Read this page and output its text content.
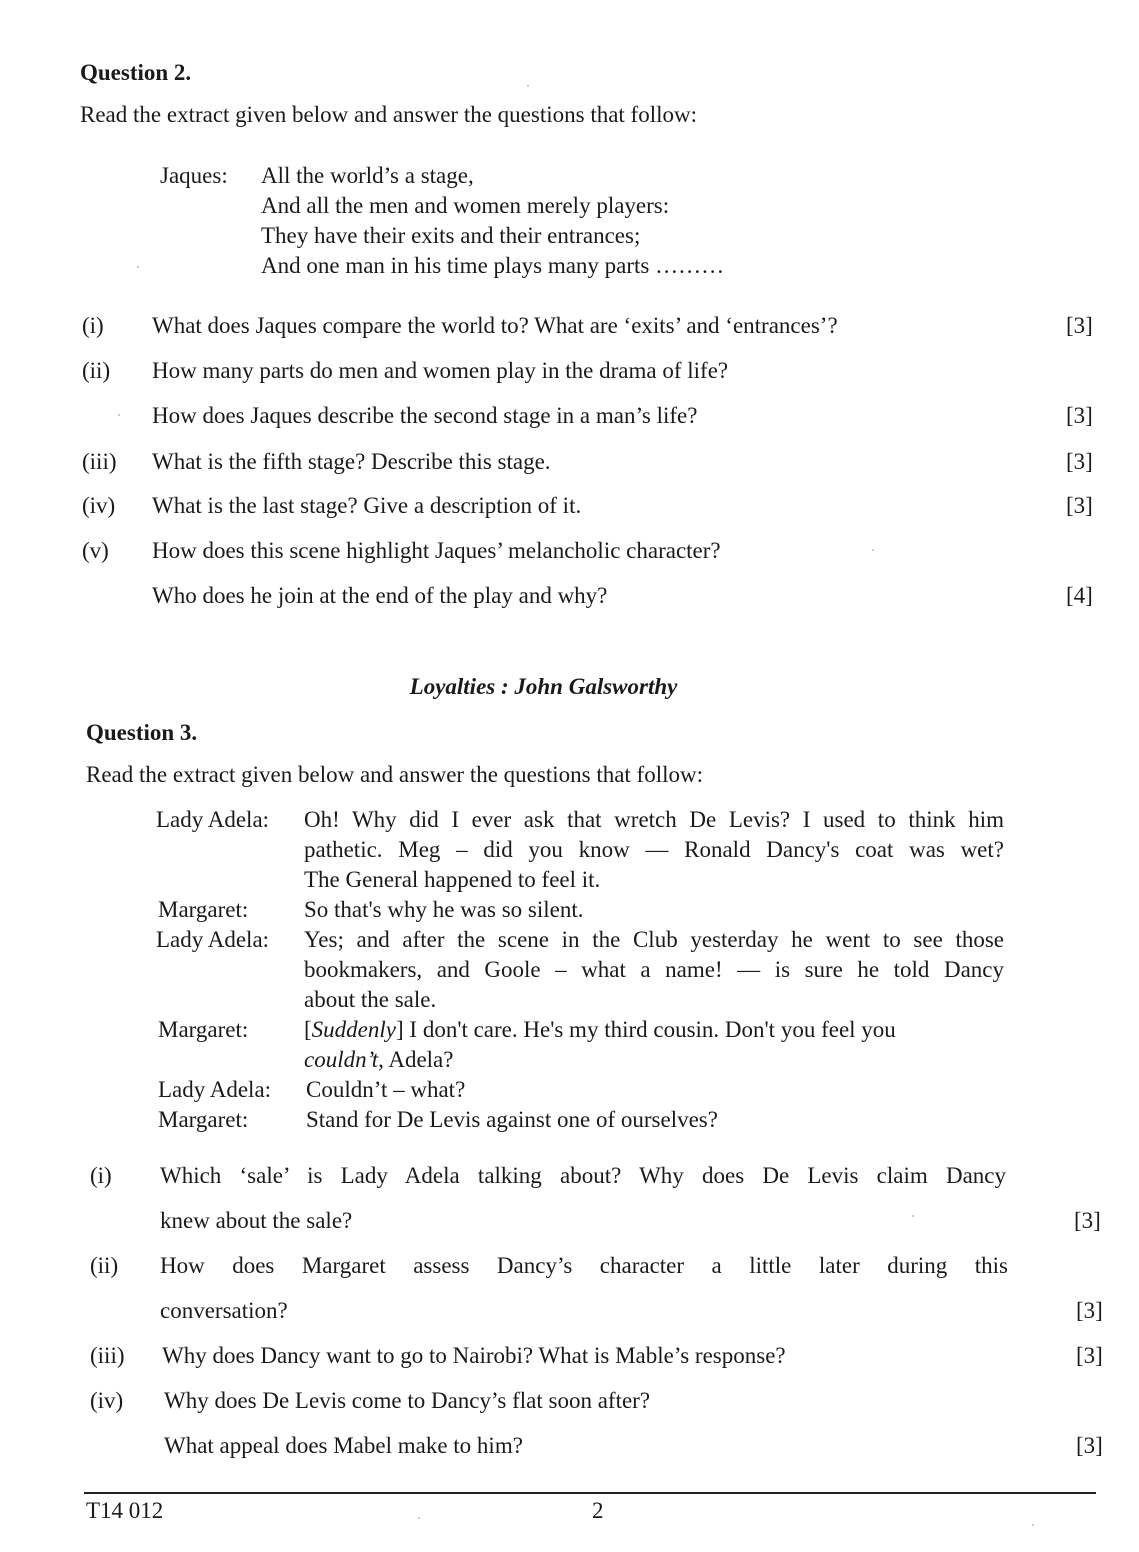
Question 2.
Read the extract given below and answer the questions that follow:
Jaques: All the world’s a stage,
And all the men and women merely players:
They have their exits and their entrances;
And one man in his time plays many parts ………
(i) What does Jaques compare the world to? What are ‘exits’ and ‘entrances’?	[3]
(ii) How many parts do men and women play in the drama of life?
How does Jaques describe the second stage in a man’s life?	[3]
(iii) What is the fifth stage? Describe this stage.	[3]
(iv) What is the last stage? Give a description of it.	[3]
(v) How does this scene highlight Jaques’ melancholic character?
Who does he join at the end of the play and why?	[4]
Loyalties : John Galsworthy
Question 3.
Read the extract given below and answer the questions that follow:
Lady Adela: Oh! Why did I ever ask that wretch De Levis? I used to think him
pathetic. Meg – did you know — Ronald Dancy's coat was wet?
The General happened to feel it.
Margaret: So that's why he was so silent.
Lady Adela: Yes; and after the scene in the Club yesterday he went to see those
bookmakers, and Goole – what a name! — is sure he told Dancy
about the sale.
Margaret: [Suddenly] I don't care. He's my third cousin. Don't you feel you
couldn’t, Adela?
Lady Adela: Couldn’t – what?
Margaret:	Stand for De Levis against one of ourselves?
(i) Which ‘sale’ is Lady Adela talking about? Why does De Levis claim Dancy
knew about the sale?	[3]
(ii) How does Margaret assess Dancy’s character a little later during this
conversation?	[3]
(iii) Why does Dancy want to go to Nairobi? What is Mable’s response?	[3]
(iv) Why does De Levis come to Dancy’s flat soon after?
What appeal does Mabel make to him?	[3]
T14 012	2
